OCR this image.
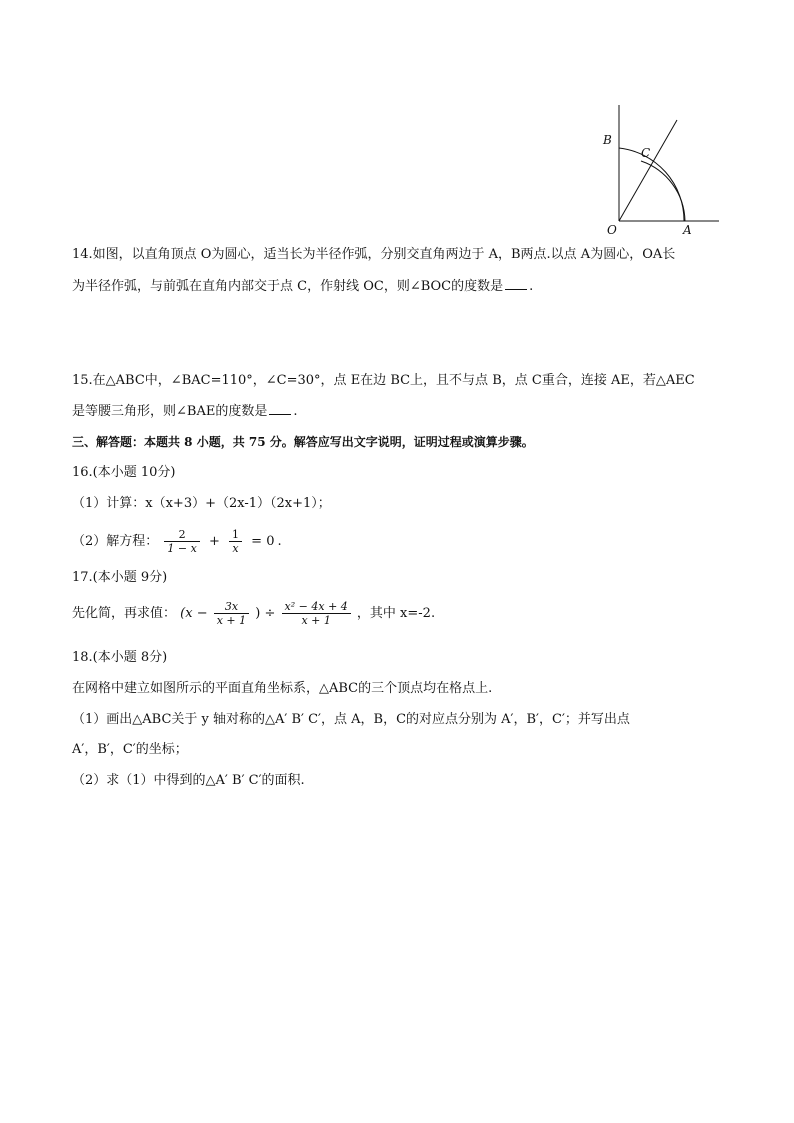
B
C
O	A
14.如图，以直角顶点 O为圆心，适当长为半径作弧，分别交直角两边于 A，B两点.以点 A为圆心，OA长
为半径作弧，与前弧在直角内部交于点 C，作射线 OC，则∠BOC的度数是 .
15.在△ABC中，∠BAC=110°，∠C=30°，点 E在边 BC上，且不与点 B，点 C重合，连接 AE，若△AEC
是等腰三角形，则∠BAE的度数是 .
三、解答题：本题共 8 小题，共 75 分。解答应写出文字说明，证明过程或演算步骤。
16.(本小题 10分)
（1）计算：x（x+3）+（2x-1）（2x+1）；
（2）解方程： $\frac{2}{1 - x} + \frac{1}{x} = 0$ .
17.(本小题 9分)
先化简，再求值： ($x - \frac{3x}{x + 1}$ ) ÷ $\frac{\text{x² − 4x + 4}}{x + 1}$ ，其中 x=-2.
18.(本小题 8分)
在网格中建立如图所示的平面直角坐标系，△ABC的三个顶点均在格点上.
（1）画出△ABC关于 y 轴对称的△A′ B′ C′，点 A，B，C的对应点分别为 A′，B′，C′；并写出点
A′，B′，C′的坐标；
（2）求（1）中得到的△A′ B′ C′的面积.
